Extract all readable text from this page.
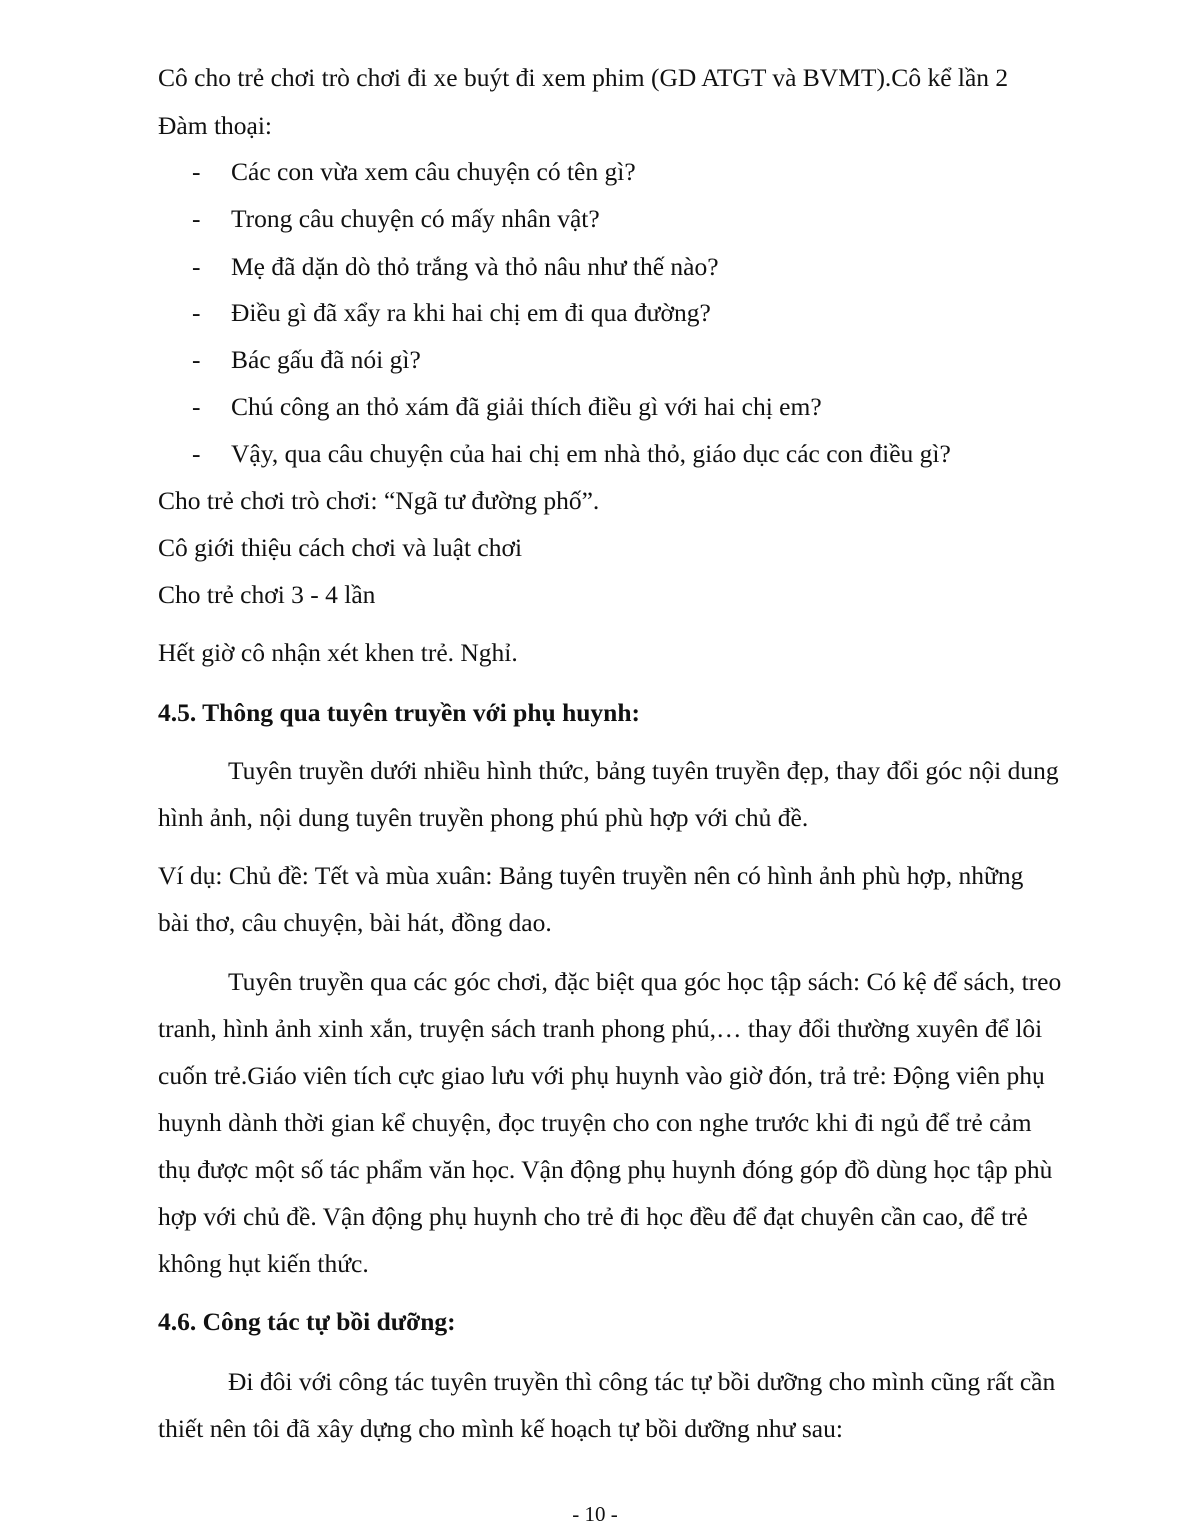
Cô cho trẻ chơi trò chơi đi xe buýt đi xem phim (GD ATGT và BVMT).Cô kể lần 2
Đàm thoại:
- Các con vừa xem câu chuyện có tên gì?
- Trong câu chuyện có mấy nhân vật?
- Mẹ đã dặn dò thỏ trắng và thỏ nâu như thế nào?
- Điều gì đã xẩy ra khi hai chị em đi qua đường?
- Bác gấu đã nói gì?
- Chú công an thỏ xám đã giải thích điều gì với hai chị em?
- Vậy, qua câu chuyện của hai chị em nhà thỏ, giáo dục các con điều gì?
Cho trẻ chơi trò chơi: “Ngã tư đường phố”.
Cô giới thiệu cách chơi và luật chơi
Cho trẻ chơi 3 - 4 lần
Hết giờ cô nhận xét khen trẻ. Nghỉ.
4.5. Thông qua tuyên truyền với phụ huynh:
Tuyên truyền dưới nhiều hình thức, bảng tuyên truyền đẹp, thay đổi góc nội dung
hình ảnh, nội dung tuyên truyền phong phú phù hợp với chủ đề.
Ví dụ: Chủ đề: Tết và mùa xuân: Bảng tuyên truyền nên có hình ảnh phù hợp, những
bài thơ, câu chuyện, bài hát, đồng dao.
Tuyên truyền qua các góc chơi, đặc biệt qua góc học tập sách: Có kệ để sách, treo
tranh, hình ảnh xinh xắn, truyện sách tranh phong phú,… thay đổi thường xuyên để lôi
cuốn trẻ.Giáo viên tích cực giao lưu với phụ huynh vào giờ đón, trả trẻ: Động viên phụ
huynh dành thời gian kể chuyện, đọc truyện cho con nghe trước khi đi ngủ để trẻ cảm
thụ được một số tác phẩm văn học. Vận động phụ huynh đóng góp đồ dùng học tập phù
hợp với chủ đề. Vận động phụ huynh cho trẻ đi học đều để đạt chuyên cần cao, để trẻ
không hụt kiến thức.
4.6. Công tác tự bồi dưỡng:
Đi đôi với công tác tuyên truyền thì công tác tự bồi dưỡng cho mình cũng rất cần
thiết nên tôi đã xây dựng cho mình kế hoạch tự bồi dưỡng như sau:
- 10 -
